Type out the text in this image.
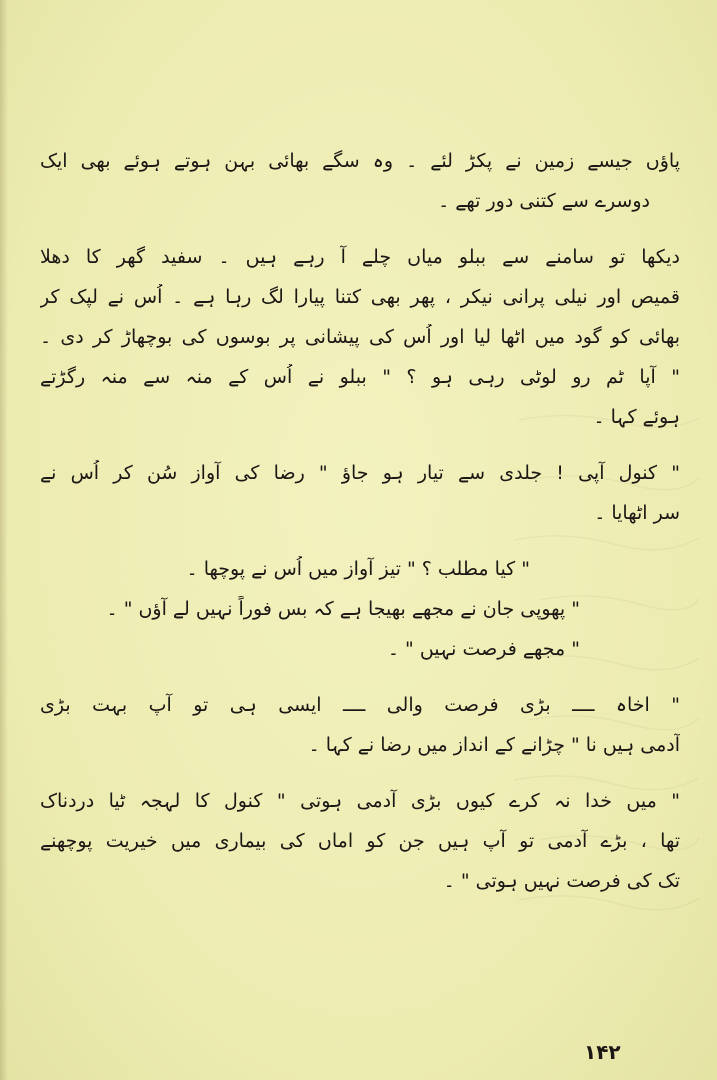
پاؤں جیسے زمین نے پکڑ لئے ۔ وہ سگے بھائی بہن ہوتے ہوئے بھی ایک
دوسرے سے کتنی دور تھے ۔
دیکھا تو سامنے سے ببلو میاں چلے آ رہے ہیں ۔ سفید گھر کا دھلا
قمیص اور نیلی پرانی نیکر ، پھر بھی کتنا پیارا لگ رہا ہے ۔ اُس نے لپک کر
بھائی کو گود میں اٹھا لیا اور اُس کی پیشانی پر بوسوں کی بوچھاڑ کر دی ۔
" آپا ٹم رو لوٹی رہی ہو ؟ " ببلو نے اُس کے منہ سے منہ رگڑتے
ہوئے کہا ۔
" کنول آپی ! جلدی سے تیار ہو جاؤ " رضا کی آواز سُن کر اُس نے
سر اٹھایا ۔
" کیا مطلب ؟ " تیز آواز میں اُس نے پوچھا ۔
" پھوپی جان نے مجھے بھیجا ہے کہ بس فوراً نہیں لے آؤں " ۔
" مجھے فرصت نہیں " ۔
" اخاہ ــــ بڑی فرصت والی ــــ ایسی ہی تو آپ بہت بڑی
آدمی ہیں نا " چڑانے کے انداز میں رضا نے کہا ۔
" میں خدا نہ کرے کیوں بڑی آدمی ہوتی " کنول کا لہجہ ٹیا دردناک
تھا ، بڑے آدمی تو آپ ہیں جن کو اماں کی بیماری میں خیریت پوچھنے
تک کی فرصت نہیں ہوتی " ۔
۱۴۲
